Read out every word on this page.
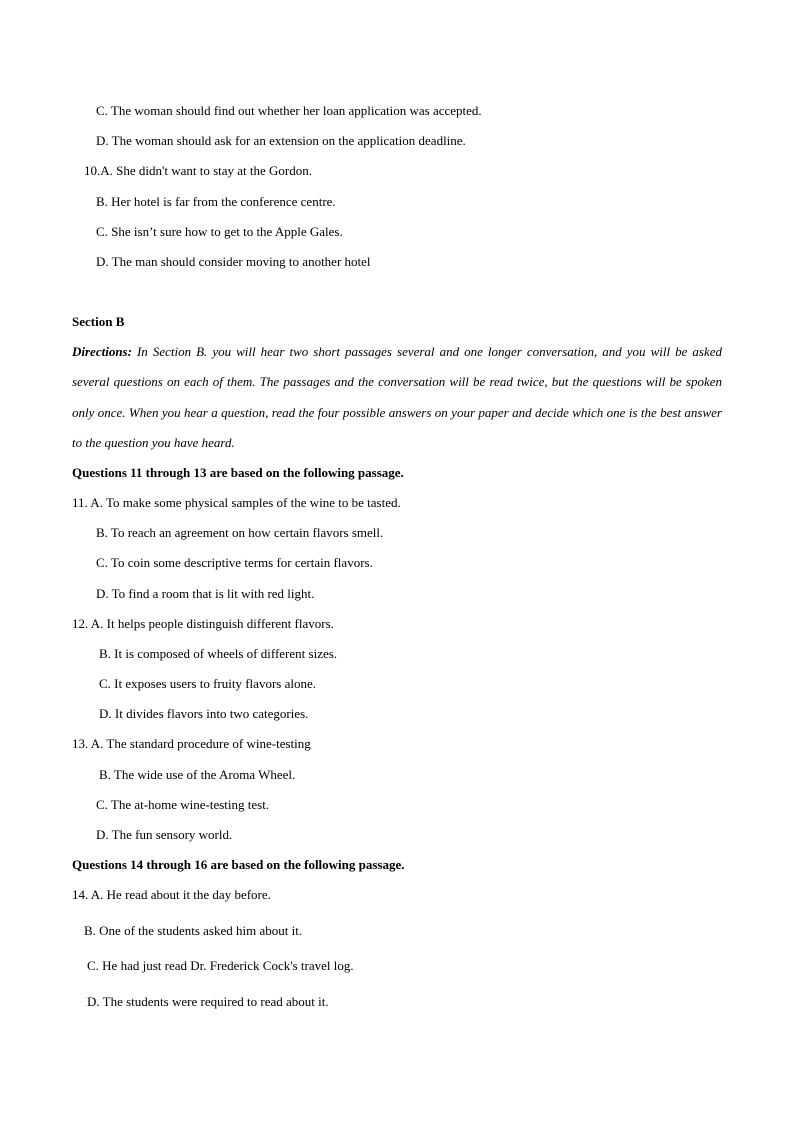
C. The woman should find out whether her loan application was accepted.
D. The woman should ask for an extension on the application deadline.
10.A. She didn't want to stay at the Gordon.
B. Her hotel is far from the conference centre.
C. She isn’t sure how to get to the Apple Gales.
D. The man should consider moving to another hotel
Section B
Directions: In Section B. you will hear two short passages several and one longer conversation, and you will be asked several questions on each of them. The passages and the conversation will be read twice, but the questions will be spoken only once. When you hear a question, read the four possible answers on your paper and decide which one is the best answer to the question you have heard.
Questions 11 through 13 are based on the following passage.
11. A. To make some physical samples of the wine to be tasted.
B. To reach an agreement on how certain flavors smell.
C. To coin some descriptive terms for certain flavors.
D. To find a room that is lit with red light.
12. A. It helps people distinguish different flavors.
B. It is composed of wheels of different sizes.
C. It exposes users to fruity flavors alone.
D. It divides flavors into two categories.
13. A. The standard procedure of wine-testing
B. The wide use of the Aroma Wheel.
C. The at-home wine-testing test.
D. The fun sensory world.
Questions 14 through 16 are based on the following passage.
14. A. He read about it the day before.
B. One of the students asked him about it.
C. He had just read Dr. Frederick Cock's travel log.
D. The students were required to read about it.
